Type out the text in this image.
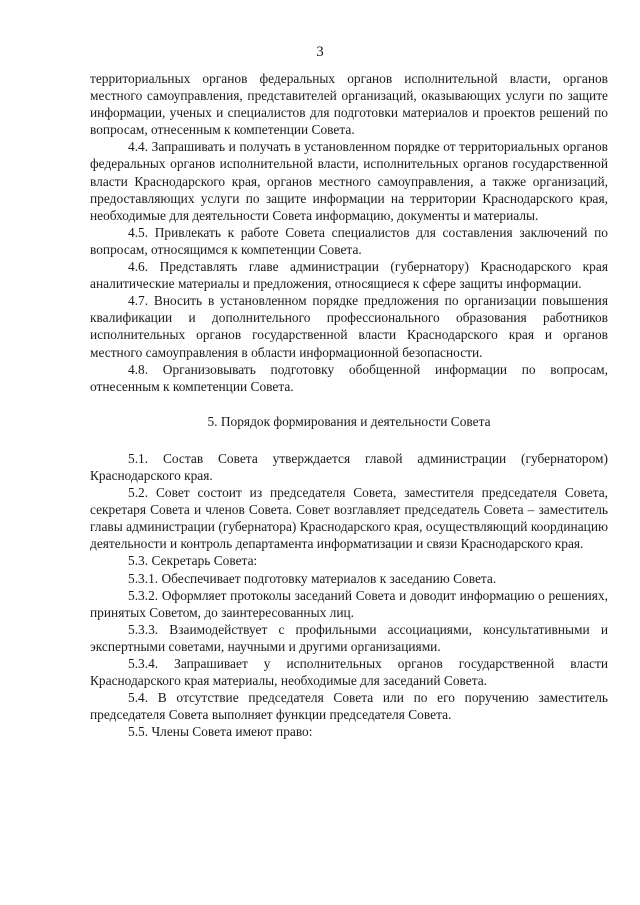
3

территориальных органов федеральных органов исполнительной власти, органов местного самоуправления, представителей организаций, оказывающих услуги по защите информации, ученых и специалистов для подготовки материалов и проектов решений по вопросам, отнесенным к компетенции Совета.

4.4. Запрашивать и получать в установленном порядке от территориальных органов федеральных органов исполнительной власти, исполнительных органов государственной власти Краснодарского края, органов местного самоуправления, а также организаций, предоставляющих услуги по защите информации на территории Краснодарского края, необходимые для деятельности Совета информацию, документы и материалы.

4.5. Привлекать к работе Совета специалистов для составления заключений по вопросам, относящимся к компетенции Совета.

4.6. Представлять главе администрации (губернатору) Краснодарского края аналитические материалы и предложения, относящиеся к сфере защиты информации.

4.7. Вносить в установленном порядке предложения по организации повышения квалификации и дополнительного профессионального образования работников исполнительных органов государственной власти Краснодарского края и органов местного самоуправления в области информационной безопасности.

4.8. Организовывать подготовку обобщенной информации по вопросам, отнесенным к компетенции Совета.

5. Порядок формирования и деятельности Совета

5.1. Состав Совета утверждается главой администрации (губернатором) Краснодарского края.

5.2. Совет состоит из председателя Совета, заместителя председателя Совета, секретаря Совета и членов Совета. Совет возглавляет председатель Совета – заместитель главы администрации (губернатора) Краснодарского края, осуществляющий координацию деятельности и контроль департамента информатизации и связи Краснодарского края.

5.3. Секретарь Совета:

5.3.1. Обеспечивает подготовку материалов к заседанию Совета.

5.3.2. Оформляет протоколы заседаний Совета и доводит информацию о решениях, принятых Советом, до заинтересованных лиц.

5.3.3. Взаимодействует с профильными ассоциациями, консультативными и экспертными советами, научными и другими организациями.

5.3.4. Запрашивает у исполнительных органов государственной власти Краснодарского края материалы, необходимые для заседаний Совета.

5.4. В отсутствие председателя Совета или по его поручению заместитель председателя Совета выполняет функции председателя Совета.

5.5. Члены Совета имеют право:
